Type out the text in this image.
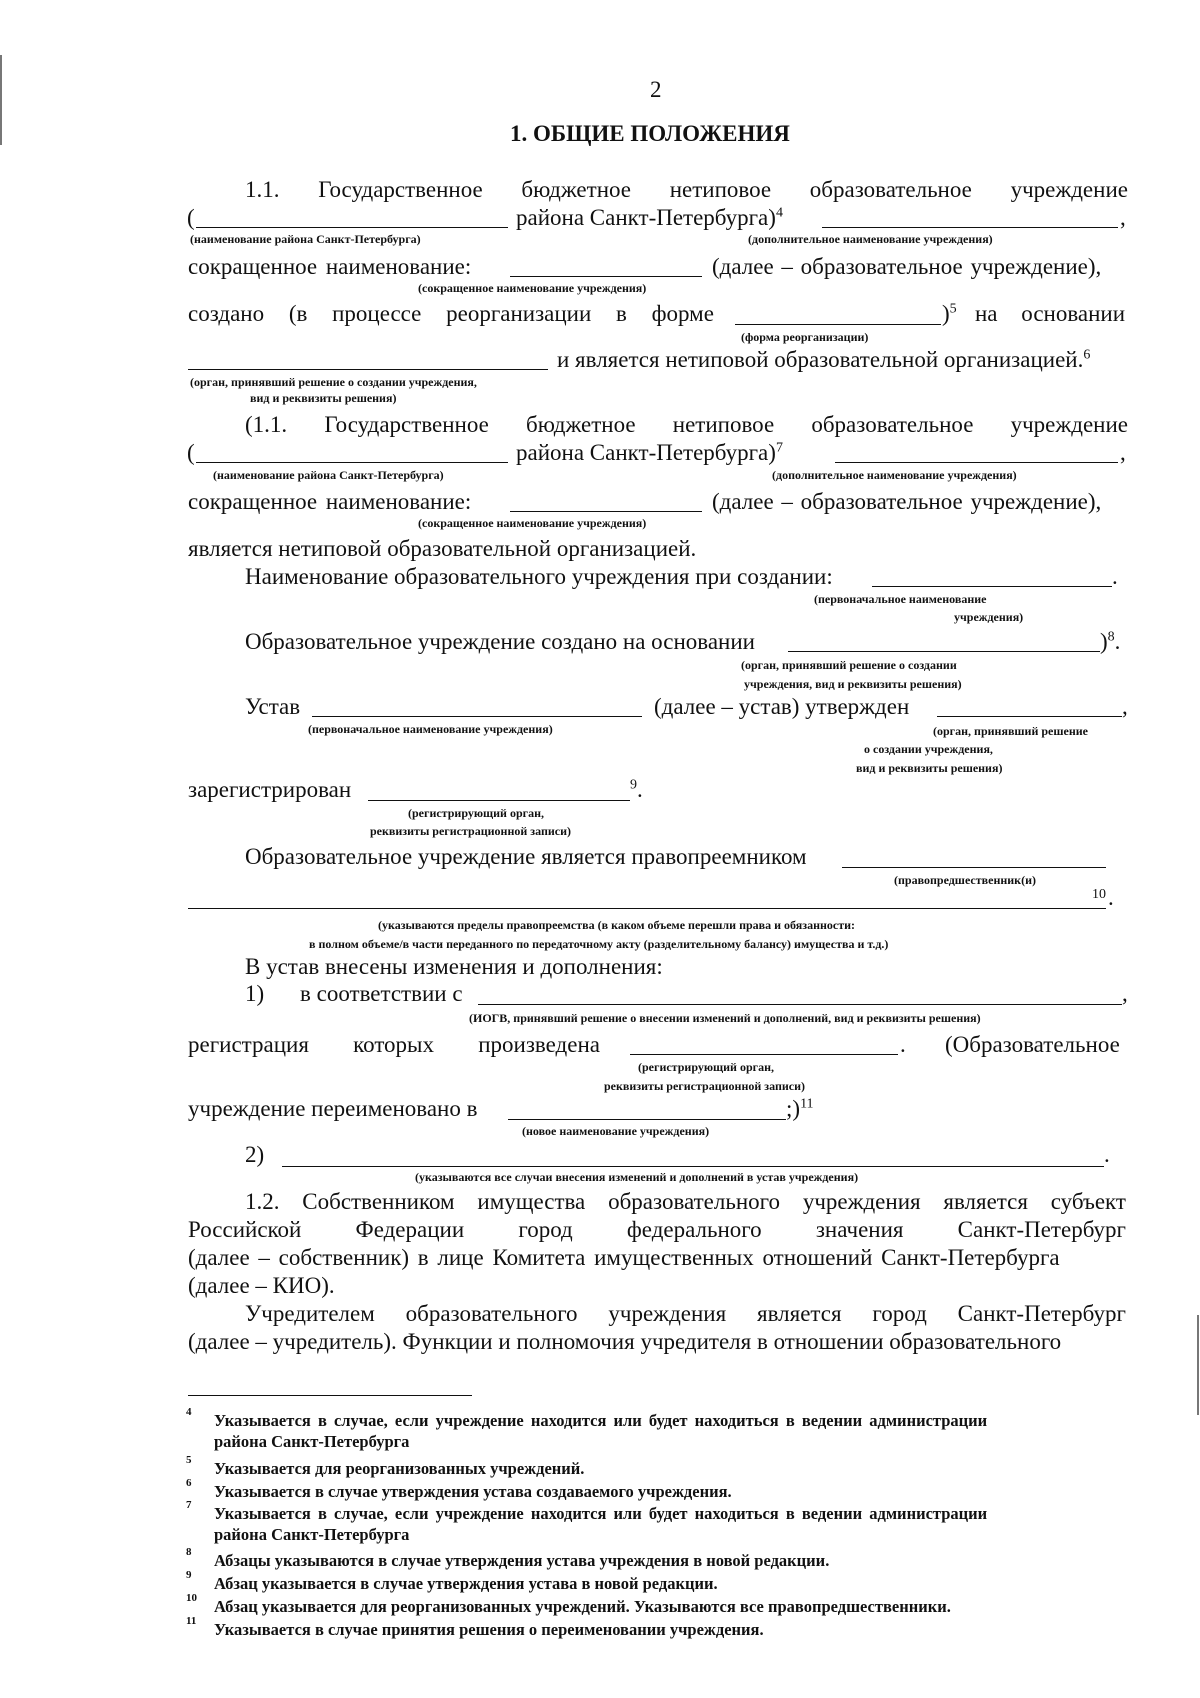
2
1. ОБЩИЕ ПОЛОЖЕНИЯ
1.1. Государственное бюджетное нетиповое образовательное учреждение
(	района Санкт-Петербурга)$^4$	,
(наименование района Санкт-Петербурга)	(дополнительное наименование учреждения)
сокращенное наименование:	(далее – образовательное учреждение),
(сокращенное наименование учреждения)
создано (в процессе реорганизации в форме	)$^5$ на основании
(форма реорганизации)
и является нетиповой образовательной организацией.$^6$
(орган, принявший решение о создании учреждения,
вид и реквизиты решения)
(1.1. Государственное бюджетное нетиповое образовательное учреждение
(	района Санкт-Петербурга)$^7$	,
(наименование района Санкт-Петербурга)	(дополнительное наименование учреждения)
сокращенное наименование:	(далее – образовательное учреждение),
(сокращенное наименование учреждения)
является нетиповой образовательной организацией.
Наименование образовательного учреждения при создании:	.
(первоначальное наименование
учреждения)
Образовательное учреждение создано на основании	)$^8$.
(орган, принявший решение о создании
учреждения, вид и реквизиты решения)
Устав	(далее – устав) утвержден	,
(первоначальное наименование учреждения)	(орган, принявший решение
о создании учреждения,
вид и реквизиты решения)
зарегистрирован	$^9$.
(регистрирующий орган,
реквизиты регистрационной записи)
Образовательное учреждение является правопреемником
(правопредшественник(и)
10 .
(указываются пределы правопреемства (в каком объеме перешли права и обязанности:
в полном объеме/в части переданного по передаточному акту (разделительному балансу) имущества и т.д.)
В устав внесены изменения и дополнения:
1) в соответствии с	,
(ИОГВ, принявший решение о внесении изменений и дополнений, вид и реквизиты решения)
регистрация которых произведена	. (Образовательное
(регистрирующий орган,
реквизиты регистрационной записи)
учреждение переименовано в	;)$^{11}$
(новое наименование учреждения)
2)	.
(указываются все случаи внесения изменений и дополнений в устав учреждения)
1.2. Собственником имущества образовательного учреждения является субъект
Российской Федерации город федерального значения Санкт-Петербург
(далее – собственник) в лице Комитета имущественных отношений Санкт-Петербурга
(далее – КИО).
Учредителем образовательного учреждения является город Санкт-Петербург
(далее – учредитель). Функции и полномочия учредителя в отношении образовательного
4 Указывается в случае, если учреждение находится или будет находиться в ведении администрации
района Санкт-Петербурга
5 Указывается для реорганизованных учреждений.
6 Указывается в случае утверждения устава создаваемого учреждения.
7 Указывается в случае, если учреждение находится или будет находиться в ведении администрации
района Санкт-Петербурга
8 Абзацы указываются в случае утверждения устава учреждения в новой редакции.
9 Абзац указывается в случае утверждения устава в новой редакции.
10 Абзац указывается для реорганизованных учреждений. Указываются все правопредшественники.
11 Указывается в случае принятия решения о переименовании учреждения.
